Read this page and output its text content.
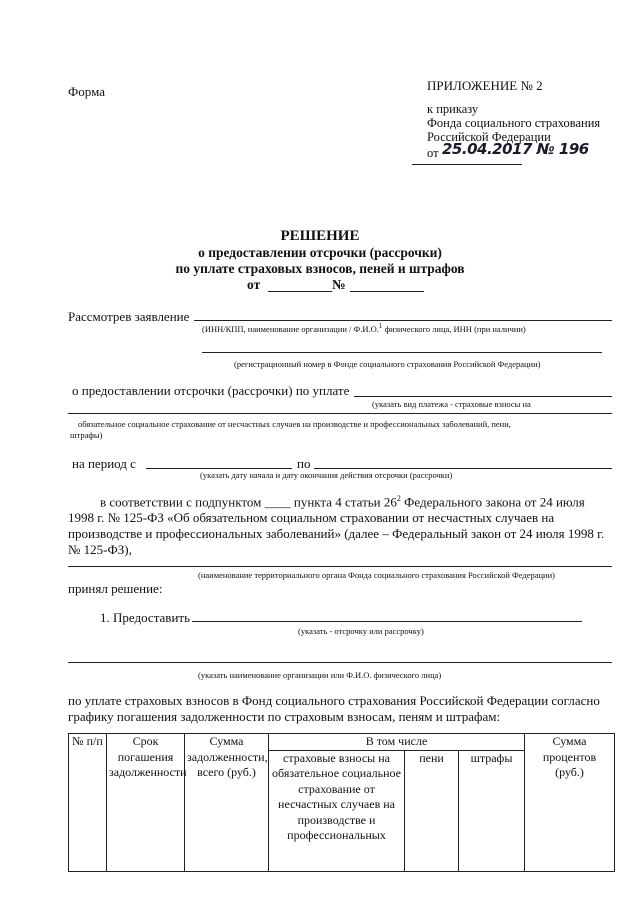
Форма	ПРИЛОЖЕНИЕ № 2
к приказу
Фонда социального страхования
Российской Федерации
от 25.04.2017 № 196
РЕШЕНИЕ
о предоставлении отсрочки (рассрочки)
по уплате страховых взносов, пеней и штрафов
от	№
Рассмотрев заявление
(ИНН/КПП, наименование организации / Ф.И.О.$^1$ физического лица, ИНН (при наличии)
(регистрационный номер в Фонде социального страхования Российской Федерации)
о предоставлении отсрочки (рассрочки) по уплате
(указать вид платежа - страховые взносы на
обязательное социальное страхование от несчастных случаев на производстве и профессиональных заболеваний, пени,
штрафы)
на период с	по
(указать дату начала и дату окончания действия отсрочки (рассрочки)
в соответствии с подпунктом ____ пункта 4 статьи $26^2$ Федерального закона от 24 июля
1998 г. № 125-ФЗ «Об обязательном социальном страховании от несчастных случаев на
производстве и профессиональных заболеваний» (далее – Федеральный закон от 24 июля 1998 г.
№ 125-ФЗ),
(наименование территориального органа Фонда социального страхования Российской Федерации)
принял решение:
1. Предоставить
(указать - отсрочку или рассрочку)
(указать наименование организации или Ф.И.О. физического лица)
по уплате страховых взносов в Фонд социального страхования Российской Федерации согласно
графику погашения задолженности по страховым взносам, пеням и штрафам:
№ п/п	Срок погашения задолженности	Сумма задолженности, всего (руб.)	В том числе			Сумма процентов (руб.)
			страховые взносы на обязательное социальное страхование от несчастных случаев на производстве и профессиональных	пени	штрафы	
